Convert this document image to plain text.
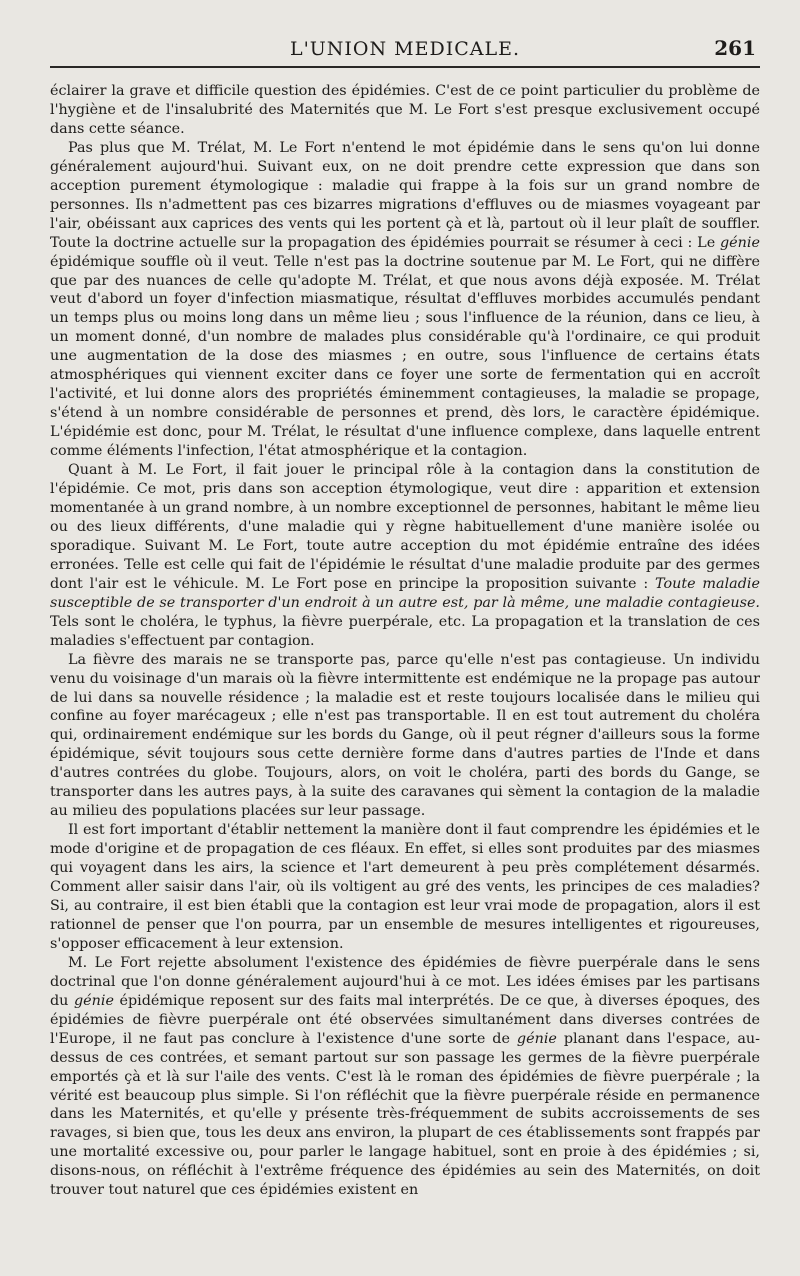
L'UNION MEDICALE.	261

éclairer la grave et difficile question des épidémies. C'est de ce point particulier du problème de l'hygiène et de l'insalubrité des Maternités que M. Le Fort s'est presque exclusivement occupé dans cette séance.

Pas plus que M. Trélat, M. Le Fort n'entend le mot épidémie dans le sens qu'on lui donne généralement aujourd'hui. Suivant eux, on ne doit prendre cette expression que dans son acception purement étymologique : maladie qui frappe à la fois sur un grand nombre de personnes. Ils n'admettent pas ces bizarres migrations d'effluves ou de miasmes voyageant par l'air, obéissant aux caprices des vents qui les portent çà et là, partout où il leur plaît de souffler. Toute la doctrine actuelle sur la propagation des épidémies pourrait se résumer à ceci : Le génie épidémique souffle où il veut. Telle n'est pas la doctrine soutenue par M. Le Fort, qui ne diffère que par des nuances de celle qu'adopte M. Trélat, et que nous avons déjà exposée. M. Trélat veut d'abord un foyer d'infection miasmatique, résultat d'effluves morbides accumulés pendant un temps plus ou moins long dans un même lieu ; sous l'influence de la réunion, dans ce lieu, à un moment donné, d'un nombre de malades plus considérable qu'à l'ordinaire, ce qui produit une augmentation de la dose des miasmes ; en outre, sous l'influence de certains états atmosphériques qui viennent exciter dans ce foyer une sorte de fermentation qui en accroît l'activité, et lui donne alors des propriétés éminemment contagieuses, la maladie se propage, s'étend à un nombre considérable de personnes et prend, dès lors, le caractère épidémique. L'épidémie est donc, pour M. Trélat, le résultat d'une influence complexe, dans laquelle entrent comme éléments l'infection, l'état atmosphérique et la contagion.

Quant à M. Le Fort, il fait jouer le principal rôle à la contagion dans la constitution de l'épidémie. Ce mot, pris dans son acception étymologique, veut dire : apparition et extension momentanée à un grand nombre, à un nombre exceptionnel de personnes, habitant le même lieu ou des lieux différents, d'une maladie qui y règne habituellement d'une manière isolée ou sporadique. Suivant M. Le Fort, toute autre acception du mot épidémie entraîne des idées erronées. Telle est celle qui fait de l'épidémie le résultat d'une maladie produite par des germes dont l'air est le véhicule. M. Le Fort pose en principe la proposition suivante : Toute maladie susceptible de se transporter d'un endroit à un autre est, par là même, une maladie contagieuse. Tels sont le choléra, le typhus, la fièvre puerpérale, etc. La propagation et la translation de ces maladies s'effectuent par contagion.

La fièvre des marais ne se transporte pas, parce qu'elle n'est pas contagieuse. Un individu venu du voisinage d'un marais où la fièvre intermittente est endémique ne la propage pas autour de lui dans sa nouvelle résidence ; la maladie est et reste toujours localisée dans le milieu qui confine au foyer marécageux ; elle n'est pas transportable. Il en est tout autrement du choléra qui, ordinairement endémique sur les bords du Gange, où il peut régner d'ailleurs sous la forme épidémique, sévit toujours sous cette dernière forme dans d'autres parties de l'Inde et dans d'autres contrées du globe. Toujours, alors, on voit le choléra, parti des bords du Gange, se transporter dans les autres pays, à la suite des caravanes qui sèment la contagion de la maladie au milieu des populations placées sur leur passage.

Il est fort important d'établir nettement la manière dont il faut comprendre les épidémies et le mode d'origine et de propagation de ces fléaux. En effet, si elles sont produites par des miasmes qui voyagent dans les airs, la science et l'art demeurent à peu près complétement désarmés. Comment aller saisir dans l'air, où ils voltigent au gré des vents, les principes de ces maladies? Si, au contraire, il est bien établi que la contagion est leur vrai mode de propagation, alors il est rationnel de penser que l'on pourra, par un ensemble de mesures intelligentes et rigoureuses, s'opposer efficacement à leur extension.

M. Le Fort rejette absolument l'existence des épidémies de fièvre puerpérale dans le sens doctrinal que l'on donne généralement aujourd'hui à ce mot. Les idées émises par les partisans du génie épidémique reposent sur des faits mal interprétés. De ce que, à diverses époques, des épidémies de fièvre puerpérale ont été observées simultanément dans diverses contrées de l'Europe, il ne faut pas conclure à l'existence d'une sorte de génie planant dans l'espace, au-dessus de ces contrées, et semant partout sur son passage les germes de la fièvre puerpérale emportés çà et là sur l'aile des vents. C'est là le roman des épidémies de fièvre puerpérale ; la vérité est beaucoup plus simple. Si l'on réfléchit que la fièvre puerpérale réside en permanence dans les Maternités, et qu'elle y présente très-fréquemment de subits accroissements de ses ravages, si bien que, tous les deux ans environ, la plupart de ces établissements sont frappés par une mortalité excessive ou, pour parler le langage habituel, sont en proie à des épidémies ; si, disons-nous, on réfléchit à l'extrême fréquence des épidémies au sein des Maternités, on doit trouver tout naturel que ces épidémies existent en
